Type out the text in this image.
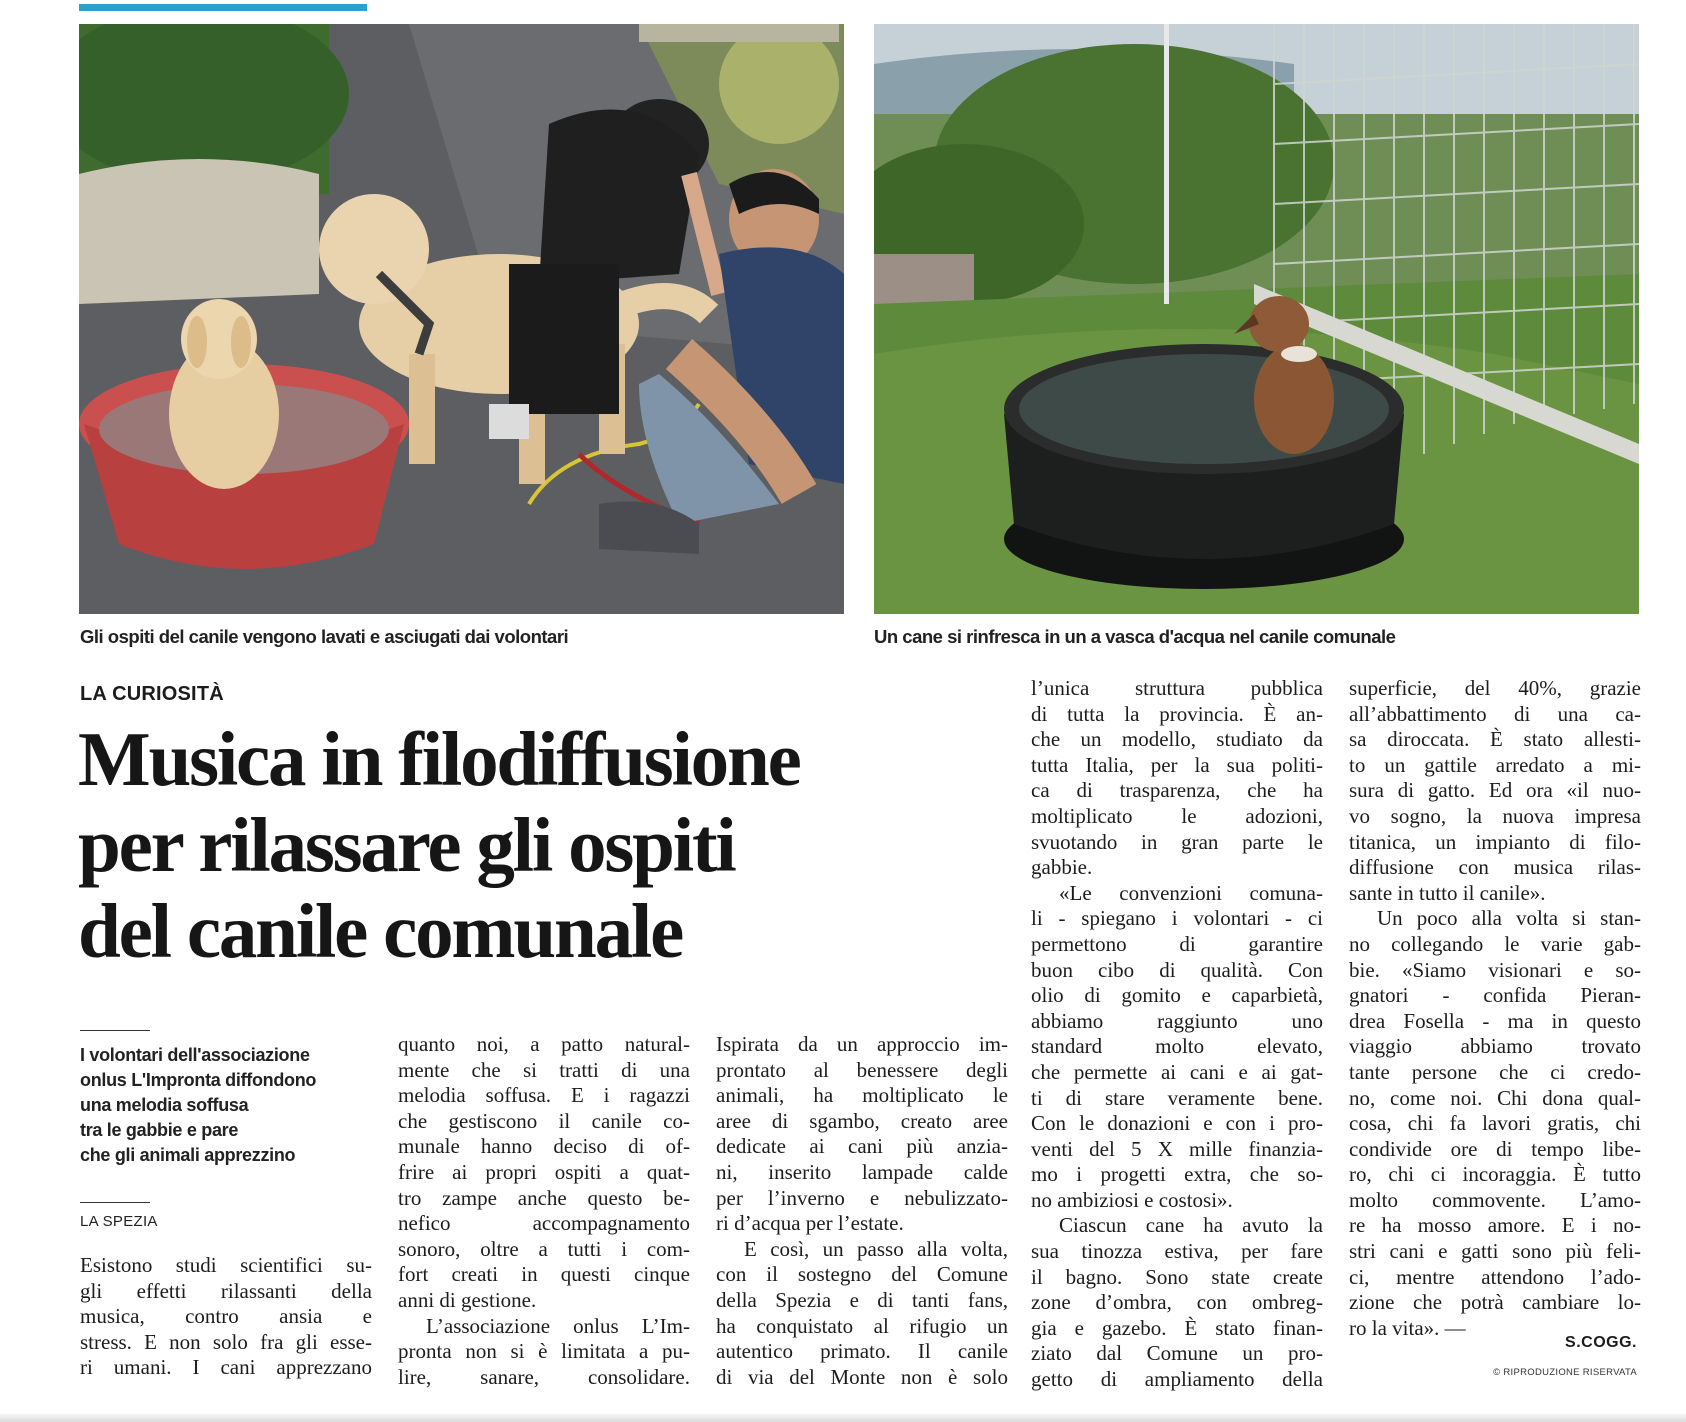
Gli ospiti del canile vengono lavati e asciugati dai volontari	Un cane si rinfresca in un a vasca d'acqua nel canile comunale
LA CURIOSITÀ
Musica in filodiffusione
per rilassare gli ospiti
del canile comunale
I volontari dell'associazione
onlus L'Impronta diffondono
una melodia soffusa
tra le gabbie e pare
che gli animali apprezzino
LA SPEZIA
Esistono studi scientifici su-
gli effetti rilassanti della
musica, contro ansia e
stress. E non solo fra gli esse-
ri umani. I cani apprezzano
quanto noi, a patto natural-
mente che si tratti di una
melodia soffusa. E i ragazzi
che gestiscono il canile co-
munale hanno deciso di of-
frire ai propri ospiti a quat-
tro zampe anche questo be-
nefico accompagnamento
sonoro, oltre a tutti i com-
fort creati in questi cinque
anni di gestione.
L’associazione onlus L’Im-
pronta non si è limitata a pu-
lire, sanare, consolidare.
Ispirata da un approccio im-
prontato al benessere degli
animali, ha moltiplicato le
aree di sgambo, creato aree
dedicate ai cani più anzia-
ni, inserito lampade calde
per l’inverno e nebulizzato-
ri d’acqua per l’estate.
E così, un passo alla volta,
con il sostegno del Comune
della Spezia e di tanti fans,
ha conquistato al rifugio un
autentico primato. Il canile
di via del Monte non è solo
l’unica struttura pubblica
di tutta la provincia. È an-
che un modello, studiato da
tutta Italia, per la sua politi-
ca di trasparenza, che ha
moltiplicato le adozioni,
svuotando in gran parte le
gabbie.
«Le convenzioni comuna-
li - spiegano i volontari - ci
permettono di garantire
buon cibo di qualità. Con
olio di gomito e caparbietà,
abbiamo raggiunto uno
standard molto elevato,
che permette ai cani e ai gat-
ti di stare veramente bene.
Con le donazioni e con i pro-
venti del 5 X mille finanzia-
mo i progetti extra, che so-
no ambiziosi e costosi».
Ciascun cane ha avuto la
sua tinozza estiva, per fare
il bagno. Sono state create
zone d’ombra, con ombreg-
gia e gazebo. È stato finan-
ziato dal Comune un pro-
getto di ampliamento della
superficie, del 40%, grazie
all’abbattimento di una ca-
sa diroccata. È stato allesti-
to un gattile arredato a mi-
sura di gatto. Ed ora «il nuo-
vo sogno, la nuova impresa
titanica, un impianto di filo-
diffusione con musica rilas-
sante in tutto il canile».
Un poco alla volta si stan-
no collegando le varie gab-
bie. «Siamo visionari e so-
gnatori - confida Pieran-
drea Fosella - ma in questo
viaggio abbiamo trovato
tante persone che ci credo-
no, come noi. Chi dona qual-
cosa, chi fa lavori gratis, chi
condivide ore di tempo libe-
ro, chi ci incoraggia. È tutto
molto commovente. L’amo-
re ha mosso amore. E i no-
stri cani e gatti sono più feli-
ci, mentre attendono l’ado-
zione che potrà cambiare lo-
ro la vita». —
S.COGG.
© RIPRODUZIONE RISERVATA
